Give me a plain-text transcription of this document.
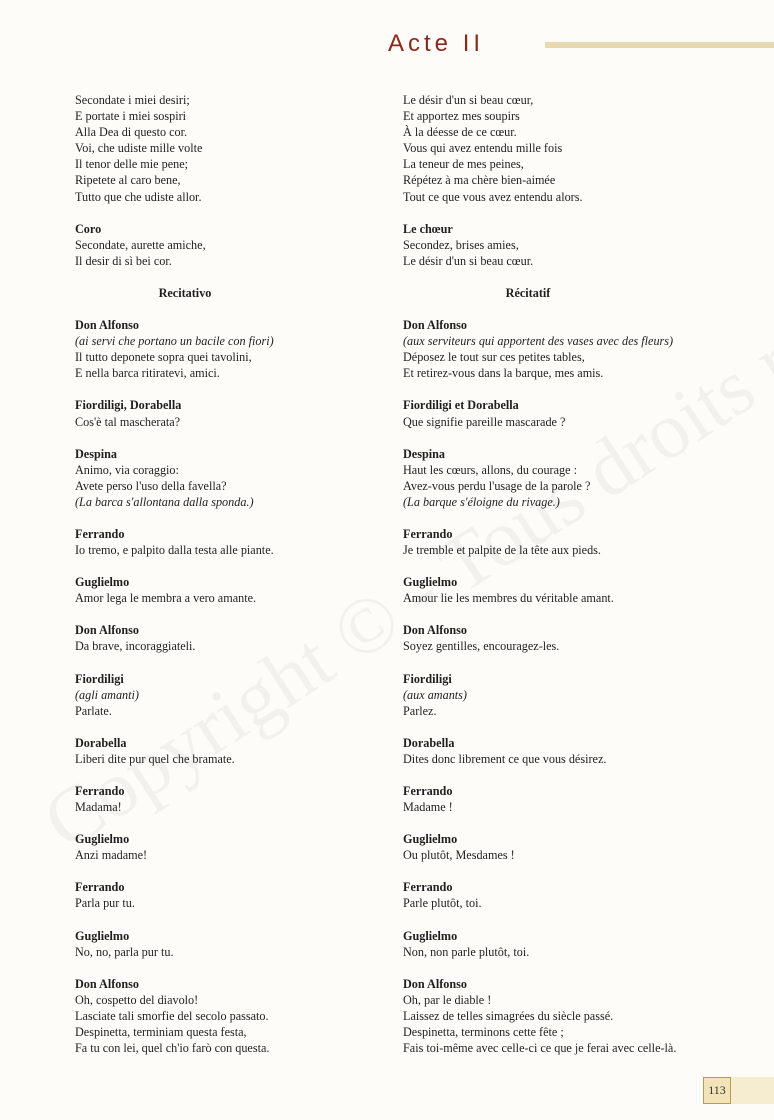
Acte II
Secondate i miei desiri;
E portate i miei sospiri
Alla Dea di questo cor.
Voi, che udiste mille volte
Il tenor delle mie pene;
Ripetete al caro bene,
Tutto que che udiste allor.
Coro
Secondate, aurette amiche,
Il desir di sì bei cor.
Recitativo
Don Alfonso
(ai servi che portano un bacile con fiori)
Il tutto deponete sopra quei tavolini,
E nella barca ritiratevi, amici.
Fiordiligi, Dorabella
Cos'è tal mascherata?
Despina
Animo, via coraggio:
Avete perso l'uso della favella?
(La barca s'allontana dalla sponda.)
Ferrando
Io tremo, e palpito dalla testa alle piante.
Guglielmo
Amor lega le membra a vero amante.
Don Alfonso
Da brave, incoraggiateli.
Fiordiligi
(agli amanti)
Parlate.
Dorabella
Liberi dite pur quel che bramate.
Ferrando
Madama!
Guglielmo
Anzi madame!
Ferrando
Parla pur tu.
Guglielmo
No, no, parla pur tu.
Don Alfonso
Oh, cospetto del diavolo!
Lasciate tali smorfie del secolo passato.
Despinetta, terminiam questa festa,
Fa tu con lei, quel ch'io farò con questa.
Le désir d'un si beau cœur,
Et apportez mes soupirs
À la déesse de ce cœur.
Vous qui avez entendu mille fois
La teneur de mes peines,
Répétez à ma chère bien-aimée
Tout ce que vous avez entendu alors.
Le chœur
Secondez, brises amies,
Le désir d'un si beau cœur.
Récitatif
Don Alfonso
(aux serviteurs qui apportent des vases avec des fleurs)
Déposez le tout sur ces petites tables,
Et retirez-vous dans la barque, mes amis.
Fiordiligi et Dorabella
Que signifie pareille mascarade ?
Despina
Haut les cœurs, allons, du courage :
Avez-vous perdu l'usage de la parole ?
(La barque s'éloigne du rivage.)
Ferrando
Je tremble et palpite de la tête aux pieds.
Guglielmo
Amour lie les membres du véritable amant.
Don Alfonso
Soyez gentilles, encouragez-les.
Fiordiligi
(aux amants)
Parlez.
Dorabella
Dites donc librement ce que vous désirez.
Ferrando
Madame !
Guglielmo
Ou plutôt, Mesdames !
Ferrando
Parle plutôt, toi.
Guglielmo
Non, non parle plutôt, toi.
Don Alfonso
Oh, par le diable !
Laissez de telles simagrées du siècle passé.
Despinetta, terminons cette fête ;
Fais toi-même avec celle-ci ce que je ferai avec celle-là.
113
